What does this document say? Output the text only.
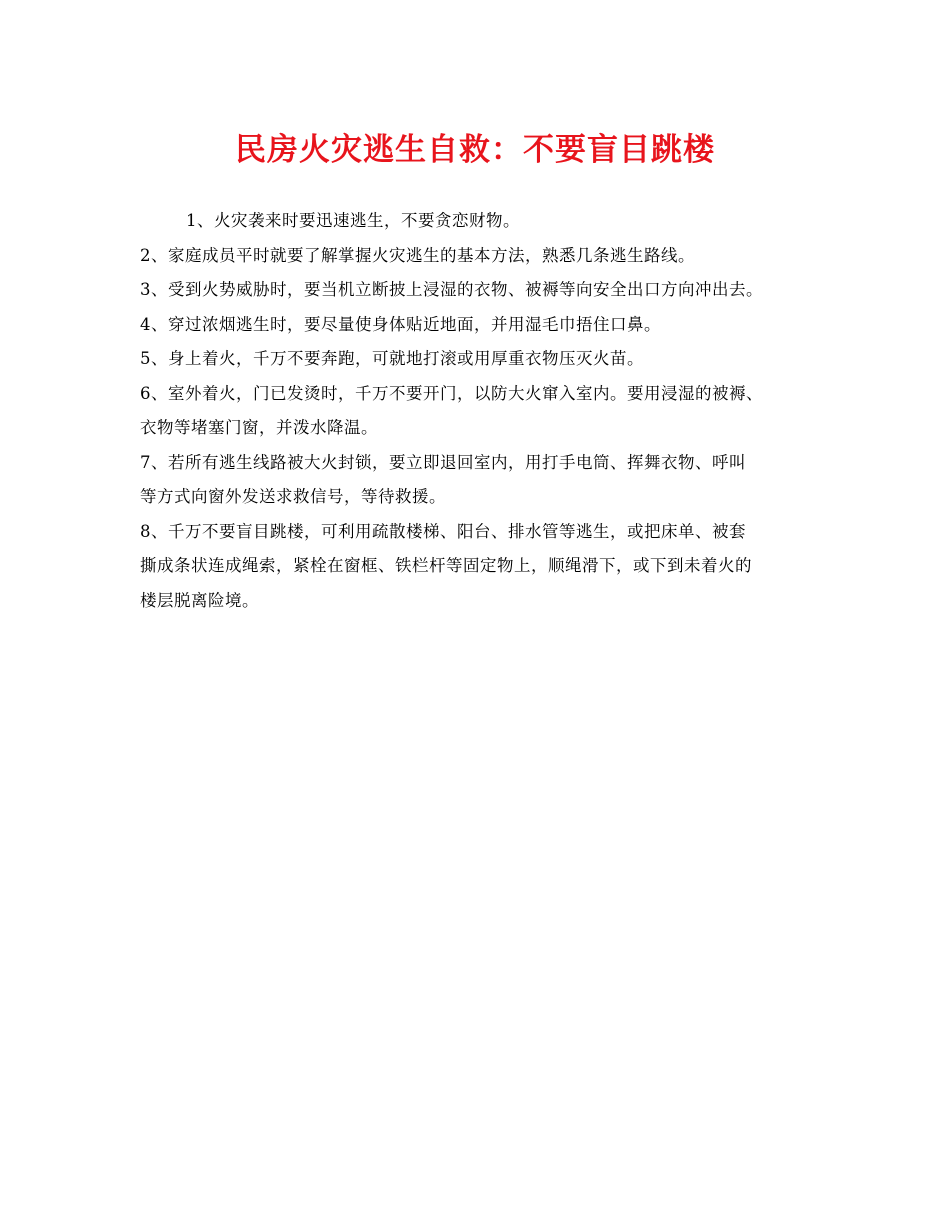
民房火灾逃生自救：不要盲目跳楼

1、火灾袭来时要迅速逃生，不要贪恋财物。

2、家庭成员平时就要了解掌握火灾逃生的基本方法，熟悉几条逃生路线。

3、受到火势威胁时，要当机立断披上浸湿的衣物、被褥等向安全出口方向冲出去。

4、穿过浓烟逃生时，要尽量使身体贴近地面，并用湿毛巾捂住口鼻。

5、身上着火，千万不要奔跑，可就地打滚或用厚重衣物压灭火苗。

6、室外着火，门已发烫时，千万不要开门，以防大火窜入室内。要用浸湿的被褥、

衣物等堵塞门窗，并泼水降温。

7、若所有逃生线路被大火封锁，要立即退回室内，用打手电筒、挥舞衣物、呼叫

等方式向窗外发送求救信号，等待救援。

8、千万不要盲目跳楼，可利用疏散楼梯、阳台、排水管等逃生，或把床单、被套

撕成条状连成绳索，紧栓在窗框、铁栏杆等固定物上，顺绳滑下，或下到未着火的

楼层脱离险境。
